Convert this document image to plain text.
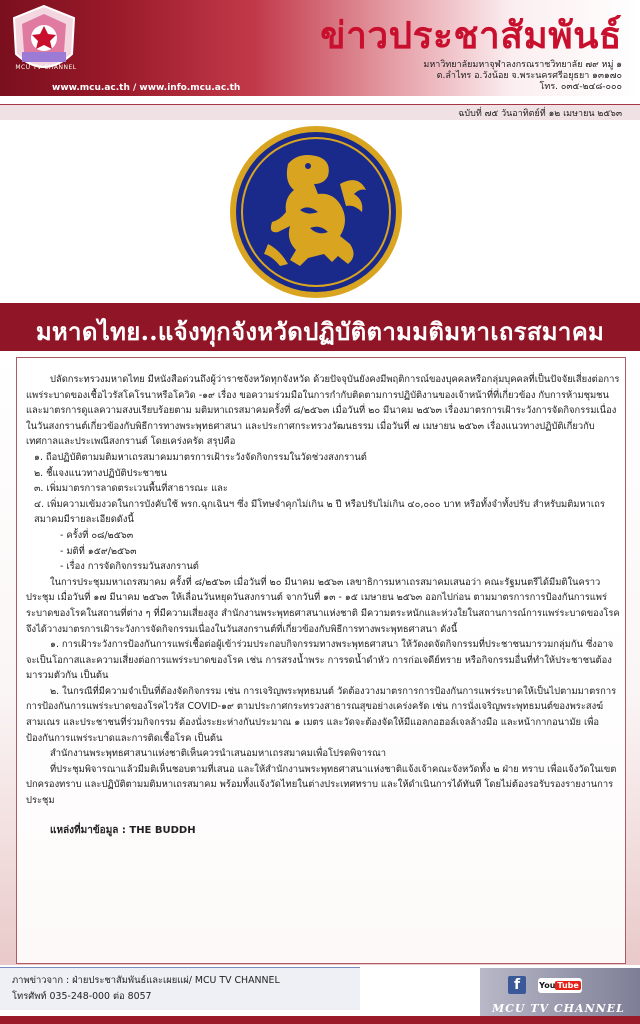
MCU TV CHANNEL
ข่าวประชาสัมพันธ์
มหาวิทยาลัยมหาจุฬาลงกรณราชวิทยาลัย ๗๙ หมู่ ๑
ต.ลำไทร อ.วังน้อย จ.พระนครศรีอยุธยา ๑๓๑๗๐
โทร. ๐๓๕-๒๔๘-๐๐๐
www.mcu.ac.th / www.info.mcu.ac.th
ฉบับที่ ๗๕ วันอาทิตย์ที่ ๑๒ เมษายน ๒๕๖๓
มหาดไทย..แจ้งทุกจังหวัดปฏิบัติตามมติมหาเถรสมาคม

ปลัดกระทรวงมหาดไทย มีหนังสือด่วนถึงผู้ว่าราชจังหวัดทุกจังหวัด ด้วยปัจจุบันยังคงมีพฤติการณ์ของบุคคลหรือกลุ่มบุคคลที่เป็นปัจจัยเสี่ยงต่อการแพร่ระบาดของเชื้อไวรัสโคโรนาหรือโควิด -๑๙ เรื่อง ขอความร่วมมือในการกำกับติดตามการปฏิบัติงานของเจ้าหน้าที่ที่เกี่ยวข้อง กับการห้ามชุมชนและมาตรการดูแลความสงบเรียบร้อยตาม มติมหาเถรสมาคมครั้งที่ ๘/๒๕๖๓ เมื่อวันที่ ๒๐ มีนาคม ๒๕๖๓ เรื่องมาตรการเฝ้าระวังการจัดกิจกรรมเนื่องในวันสงกรานต์เกี่ยวข้องกับพิธีการทางพระพุทธศาสนา และประกาศกระทรวงวัฒนธรรม เมื่อวันที่ ๗ เมษายน ๒๕๖๓ เรื่องแนวทางปฏิบัติเกี่ยวกับเทศกาลและประเพณีสงกรานต์ โดยเคร่งครัด สรุปคือ

๑. ถือปฏิบัติตามมติมหาเถรสมาคมมาตรการเฝ้าระวังจัดกิจกรรมในวัดช่วงสงกรานต์

๒. ชี้แจงแนวทางปฏิบัติประชาชน

๓. เพิ่มมาตรการลาดตระเวนพื้นที่สาธารณะ และ

๔. เพิ่มความเข้มงวดในการบังคับใช้ พรก.ฉุกเฉินฯ ซึ่ง มีโทษจำคุกไม่เกิน ๒ ปี หรือปรับไม่เกิน ๔๐,๐๐๐ บาท หรือทั้งจำทั้งปรับ สำหรับมติมหาเถรสมาคมมีรายละเอียดดังนี้

- ครั้งที่ ๐๘/๒๕๖๓

- มติที่ ๑๕๙/๒๕๖๓

- เรื่อง การจัดกิจกรรมวันสงกรานต์

ในการประชุมมหาเถรสมาคม ครั้งที่ ๘/๒๕๖๓ เมื่อวันที่ ๒๐ มีนาคม ๒๕๖๓ เลขาธิการมหาเถรสมาคมเสนอว่า คณะรัฐมนตรีได้มีมติในคราวประชุม เมื่อวันที่ ๑๗ มีนาคม ๒๕๖๓ ให้เลื่อนวันหยุดวันสงกรานต์ จากวันที่ ๑๓ - ๑๕ เมษายน ๒๕๖๓ ออกไปก่อน ตามมาตรการการป้องกันการแพร่ระบาดของโรคในสถานที่ต่าง ๆ ที่มีความเสี่ยงสูง สำนักงานพระพุทธศาสนาแห่งชาติ มีความตระหนักและห่วงใยในสถานการณ์การแพร่ระบาดของโรค จึงได้วางมาตรการเฝ้าระวังการจัดกิจกรรมเนื่องในวันสงกรานต์ที่เกี่ยวข้องกับพิธีการทางพระพุทธศาสนา ดังนี้

๑. การเฝ้าระวังการป้องกันการแพร่เชื้อต่อผู้เข้าร่วมประกอบกิจกรรมทางพระพุทธศาสนา ให้วัดงดจัดกิจกรรมที่ประชาชนมารวมกลุ่มกัน ซึ่งอาจจะเป็นโอกาสและความเสี่ยงต่อการแพร่ระบาดของโรค เช่น การสรงน้ำพระ การรดน้ำดำหัว การก่อเจดีย์ทราย หรือกิจกรรมอื่นที่ทำให้ประชาชนต้องมารวมตัวกัน เป็นต้น

๒. ในกรณีที่มีความจำเป็นที่ต้องจัดกิจกรรม เช่น การเจริญพระพุทธมนต์ วัดต้องวางมาตรการการป้องกันการแพร่ระบาดให้เป็นไปตามมาตรการการป้องกันการแพร่ระบาดของโรคไวรัส COVID-๑๙ ตามประกาศกระทรวงสาธารณสุขอย่างเคร่งครัด เช่น การนั่งเจริญพระพุทธมนต์ของพระสงฆ์ สามเณร และประชาชนที่ร่วมกิจกรรม ต้องนั่งระยะห่างกันประมาณ ๑ เมตร และวัดจะต้องจัดให้มีแอลกอฮอล์เจลล้างมือ และหน้ากากอนามัย เพื่อป้องกันการแพร่ระบาดและการติดเชื้อโรค เป็นต้น

สำนักงานพระพุทธศาสนาแห่งชาติเห็นควรนำเสนอมหาเถรสมาคมเพื่อโปรดพิจารณา

ที่ประชุมพิจารณาแล้วมีมติเห็นชอบตามที่เสนอ และให้สำนักงานพระพุทธศาสนาแห่งชาติแจ้งเจ้าคณะจังหวัดทั้ง ๒ ฝ่าย ทราบ เพื่อแจ้งวัดในเขตปกครองทราบ และปฏิบัติตามมติมหาเถรสมาคม พร้อมทั้งแจ้งวัดไทยในต่างประเทศทราบ และให้ดำเนินการได้ทันที โดยไม่ต้องรอรับรองรายงานการประชุม

แหล่งที่มาข้อมูล : THE BUDDH

ภาพข่าวจาก : ฝ่ายประชาสัมพันธ์และเผยแผ่/ MCU TV CHANNEL
โทรศัพท์ 035-248-000 ต่อ 8057
f	You Tube
MCU TV CHANNEL
